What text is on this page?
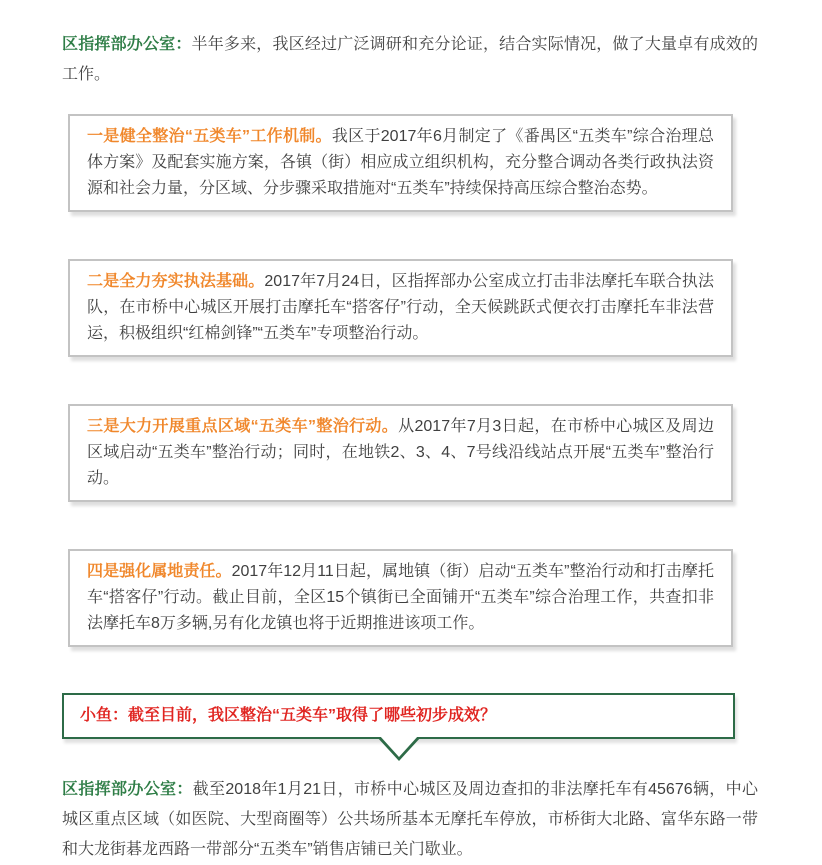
区指挥部办公室：半年多来，我区经过广泛调研和充分论证，结合实际情况，做了大量卓有成效的工作。

一是健全整治“五类车”工作机制。我区于2017年6月制定了《番禺区“五类车”综合治理总体方案》及配套实施方案，各镇（街）相应成立组织机构，充分整合调动各类行政执法资源和社会力量，分区域、分步骤采取措施对“五类车”持续保持高压综合整治态势。
二是全力夯实执法基础。2017年7月24日，区指挥部办公室成立打击非法摩托车联合执法队，在市桥中心城区开展打击摩托车“搭客仔”行动，全天候跳跃式便衣打击摩托车非法营运，积极组织“红棉剑锋”“五类车”专项整治行动。
三是大力开展重点区域“五类车”整治行动。从2017年7月3日起，在市桥中心城区及周边区域启动“五类车”整治行动；同时，在地铁2、3、4、7号线沿线站点开展“五类车”整治行动。
四是强化属地责任。2017年12月11日起，属地镇（街）启动“五类车”整治行动和打击摩托车“搭客仔”行动。截止目前，全区15个镇街已全面铺开“五类车”综合治理工作，共查扣非法摩托车8万多辆,另有化龙镇也将于近期推进该项工作。
小鱼：截至目前，我区整治“五类车”取得了哪些初步成效？

区指挥部办公室：截至2018年1月21日，市桥中心城区及周边查扣的非法摩托车有45676辆，中心城区重点区域（如医院、大型商圈等）公共场所基本无摩托车停放，市桥街大北路、富华东路一带和大龙街碁龙西路一带部分“五类车”销售店铺已关门歇业。
